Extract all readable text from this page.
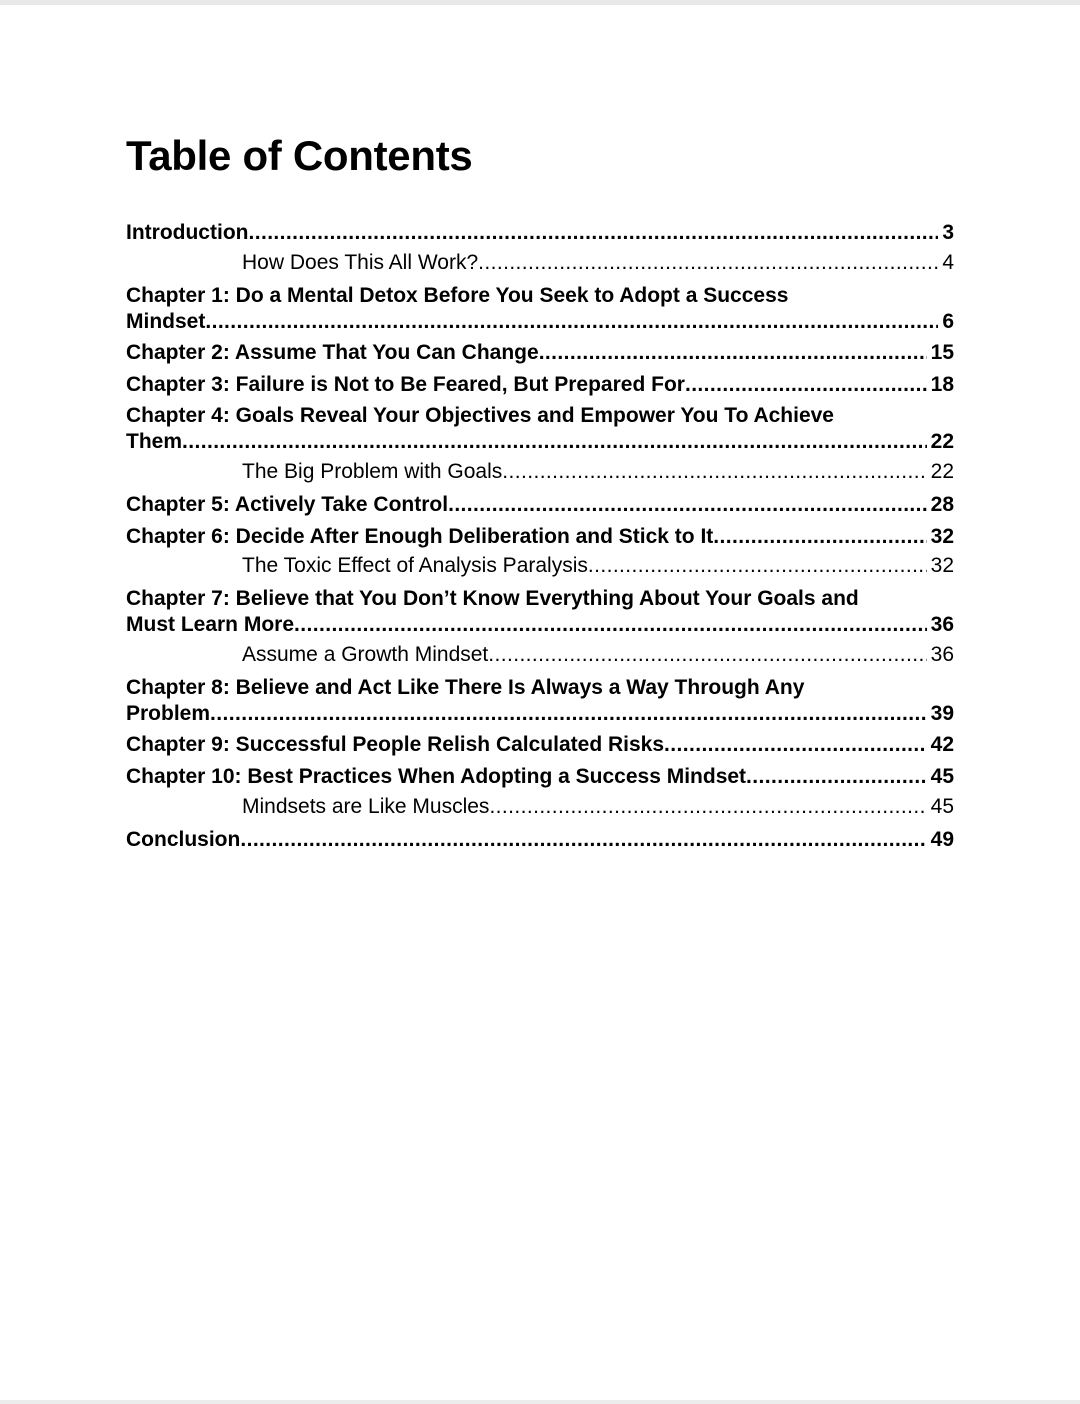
Table of Contents
Introduction .....	3
How Does This All Work? .....	4
Chapter 1: Do a Mental Detox Before You Seek to Adopt a Success
Mindset .....	6
Chapter 2: Assume That You Can Change .....	15
Chapter 3: Failure is Not to Be Feared, But Prepared For .....	18
Chapter 4: Goals Reveal Your Objectives and Empower You To Achieve
Them .....	22
The Big Problem with Goals .....	22
Chapter 5: Actively Take Control .....	28
Chapter 6: Decide After Enough Deliberation and Stick to It .....	32
The Toxic Effect of Analysis Paralysis .....	32
Chapter 7: Believe that You Don’t Know Everything About Your Goals and
Must Learn More .....	36
Assume a Growth Mindset .....	36
Chapter 8: Believe and Act Like There Is Always a Way Through Any
Problem .....	39
Chapter 9: Successful People Relish Calculated Risks .....	42
Chapter 10: Best Practices When Adopting a Success Mindset .....	45
Mindsets are Like Muscles .....	45
Conclusion .....	49
